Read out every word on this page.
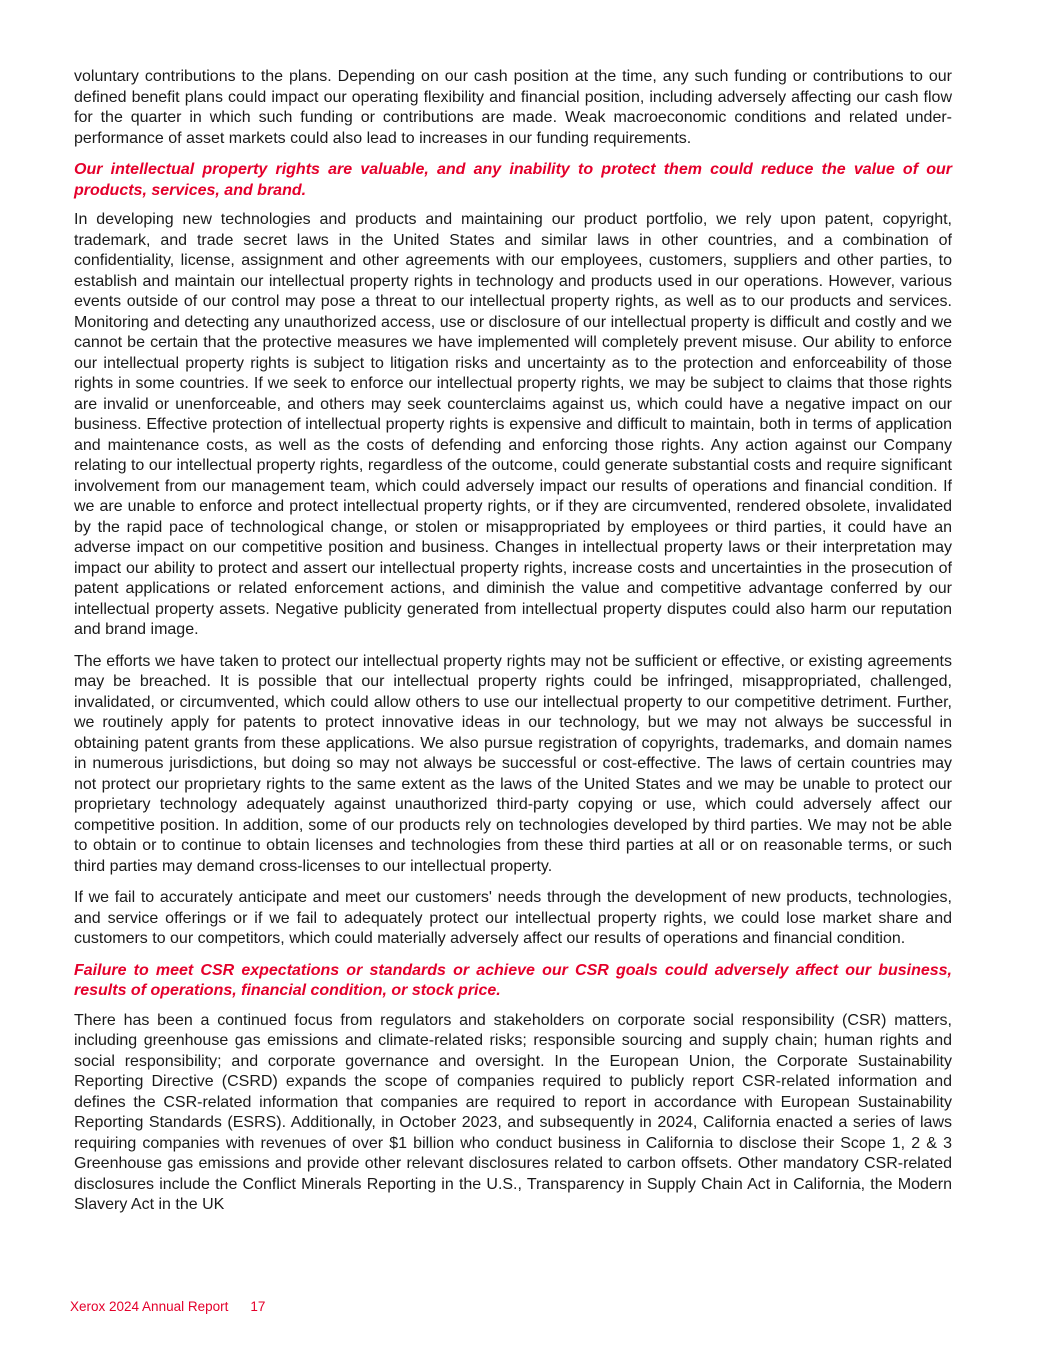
voluntary contributions to the plans. Depending on our cash position at the time, any such funding or contributions to our defined benefit plans could impact our operating flexibility and financial position, including adversely affecting our cash flow for the quarter in which such funding or contributions are made. Weak macroeconomic conditions and related under-performance of asset markets could also lead to increases in our funding requirements.

Our intellectual property rights are valuable, and any inability to protect them could reduce the value of our products, services, and brand.

In developing new technologies and products and maintaining our product portfolio, we rely upon patent, copyright, trademark, and trade secret laws in the United States and similar laws in other countries, and a combination of confidentiality, license, assignment and other agreements with our employees, customers, suppliers and other parties, to establish and maintain our intellectual property rights in technology and products used in our operations. However, various events outside of our control may pose a threat to our intellectual property rights, as well as to our products and services. Monitoring and detecting any unauthorized access, use or disclosure of our intellectual property is difficult and costly and we cannot be certain that the protective measures we have implemented will completely prevent misuse. Our ability to enforce our intellectual property rights is subject to litigation risks and uncertainty as to the protection and enforceability of those rights in some countries. If we seek to enforce our intellectual property rights, we may be subject to claims that those rights are invalid or unenforceable, and others may seek counterclaims against us, which could have a negative impact on our business. Effective protection of intellectual property rights is expensive and difficult to maintain, both in terms of application and maintenance costs, as well as the costs of defending and enforcing those rights. Any action against our Company relating to our intellectual property rights, regardless of the outcome, could generate substantial costs and require significant involvement from our management team, which could adversely impact our results of operations and financial condition. If we are unable to enforce and protect intellectual property rights, or if they are circumvented, rendered obsolete, invalidated by the rapid pace of technological change, or stolen or misappropriated by employees or third parties, it could have an adverse impact on our competitive position and business. Changes in intellectual property laws or their interpretation may impact our ability to protect and assert our intellectual property rights, increase costs and uncertainties in the prosecution of patent applications or related enforcement actions, and diminish the value and competitive advantage conferred by our intellectual property assets. Negative publicity generated from intellectual property disputes could also harm our reputation and brand image.

The efforts we have taken to protect our intellectual property rights may not be sufficient or effective, or existing agreements may be breached. It is possible that our intellectual property rights could be infringed, misappropriated, challenged, invalidated, or circumvented, which could allow others to use our intellectual property to our competitive detriment. Further, we routinely apply for patents to protect innovative ideas in our technology, but we may not always be successful in obtaining patent grants from these applications. We also pursue registration of copyrights, trademarks, and domain names in numerous jurisdictions, but doing so may not always be successful or cost-effective. The laws of certain countries may not protect our proprietary rights to the same extent as the laws of the United States and we may be unable to protect our proprietary technology adequately against unauthorized third-party copying or use, which could adversely affect our competitive position. In addition, some of our products rely on technologies developed by third parties. We may not be able to obtain or to continue to obtain licenses and technologies from these third parties at all or on reasonable terms, or such third parties may demand cross-licenses to our intellectual property.

If we fail to accurately anticipate and meet our customers' needs through the development of new products, technologies, and service offerings or if we fail to adequately protect our intellectual property rights, we could lose market share and customers to our competitors, which could materially adversely affect our results of operations and financial condition.

Failure to meet CSR expectations or standards or achieve our CSR goals could adversely affect our business, results of operations, financial condition, or stock price.

There has been a continued focus from regulators and stakeholders on corporate social responsibility (CSR) matters, including greenhouse gas emissions and climate-related risks; responsible sourcing and supply chain; human rights and social responsibility; and corporate governance and oversight. In the European Union, the Corporate Sustainability Reporting Directive (CSRD) expands the scope of companies required to publicly report CSR-related information and defines the CSR-related information that companies are required to report in accordance with European Sustainability Reporting Standards (ESRS). Additionally, in October 2023, and subsequently in 2024, California enacted a series of laws requiring companies with revenues of over $1 billion who conduct business in California to disclose their Scope 1, 2 & 3 Greenhouse gas emissions and provide other relevant disclosures related to carbon offsets. Other mandatory CSR-related disclosures include the Conflict Minerals Reporting in the U.S., Transparency in Supply Chain Act in California, the Modern Slavery Act in the UK

Xerox 2024 Annual Report 17
